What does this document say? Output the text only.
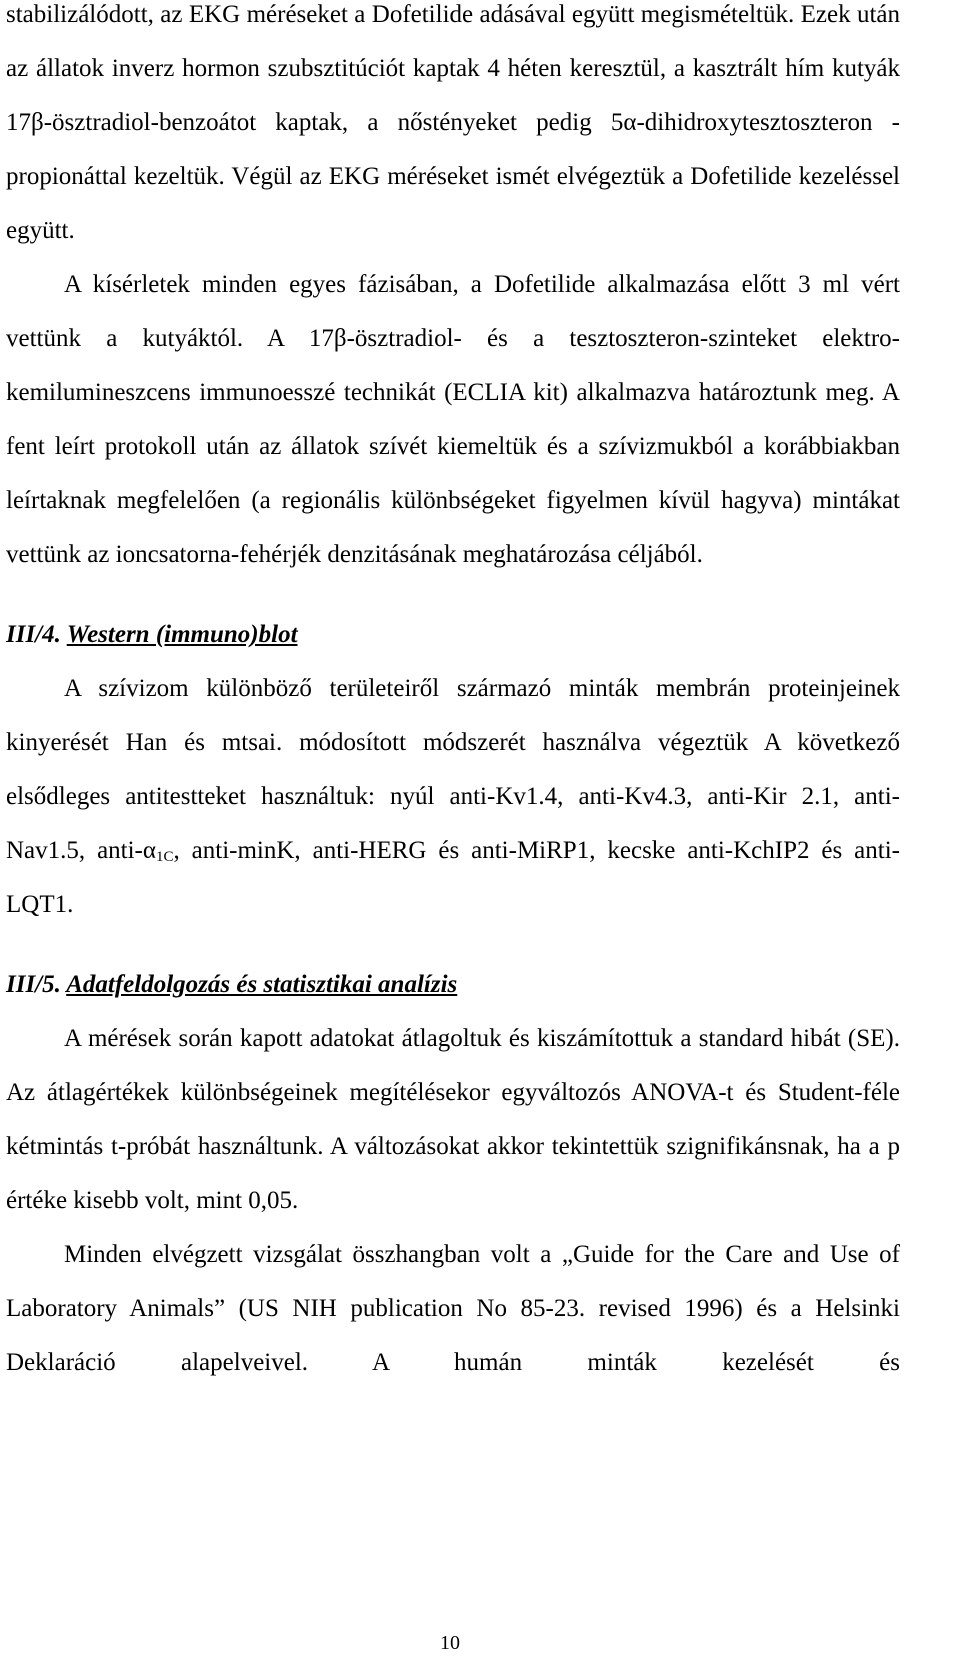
stabilizálódott, az EKG méréseket a Dofetilide adásával együtt megismételtük. Ezek után az állatok inverz hormon szubsztitúciót kaptak 4 héten keresztül, a kasztrált hím kutyák 17β-ösztradiol-benzoátot kaptak, a nőstényeket pedig 5α-dihidroxytesztoszteron - propionáttal kezeltük. Végül az EKG méréseket ismét elvégeztük a Dofetilide kezeléssel együtt.

A kísérletek minden egyes fázisában, a Dofetilide alkalmazása előtt 3 ml vért vettünk a kutyáktól. A 17β-ösztradiol- és a tesztoszteron-szinteket elektro-kemilumineszcens immunoesszé technikát (ECLIA kit) alkalmazva határoztunk meg. A fent leírt protokoll után az állatok szívét kiemeltük és a szívizmukból a korábbiakban leírtaknak megfelelően (a regionális különbségeket figyelmen kívül hagyva) mintákat vettünk az ioncsatorna-fehérjék denzitásának meghatározása céljából.

III/4. Western (immuno)blot

A szívizom különböző területeiről származó minták membrán proteinjeinek kinyerését Han és mtsai. módosított módszerét használva végeztük A következő elsődleges antitestteket használtuk: nyúl anti-Kv1.4, anti-Kv4.3, anti-Kir 2.1, anti-Nav1.5, anti-$\alpha_{1C}$, anti-minK, anti-HERG és anti-MiRP1, kecske anti-KchIP2 és anti-LQT1.

III/5. Adatfeldolgozás és statisztikai analízis

A mérések során kapott adatokat átlagoltuk és kiszámítottuk a standard hibát (SE). Az átlagértékek különbségeinek megítélésekor egyváltozós ANOVA-t és Student-féle kétmintás t-próbát használtunk. A változásokat akkor tekintettük szignifikánsnak, ha a p értéke kisebb volt, mint 0,05.

Minden elvégzett vizsgálat összhangban volt a „Guide for the Care and Use of Laboratory Animals” (US NIH publication No 85-23. revised 1996) és a Helsinki Deklaráció alapelveivel. A humán minták kezelését és

10
